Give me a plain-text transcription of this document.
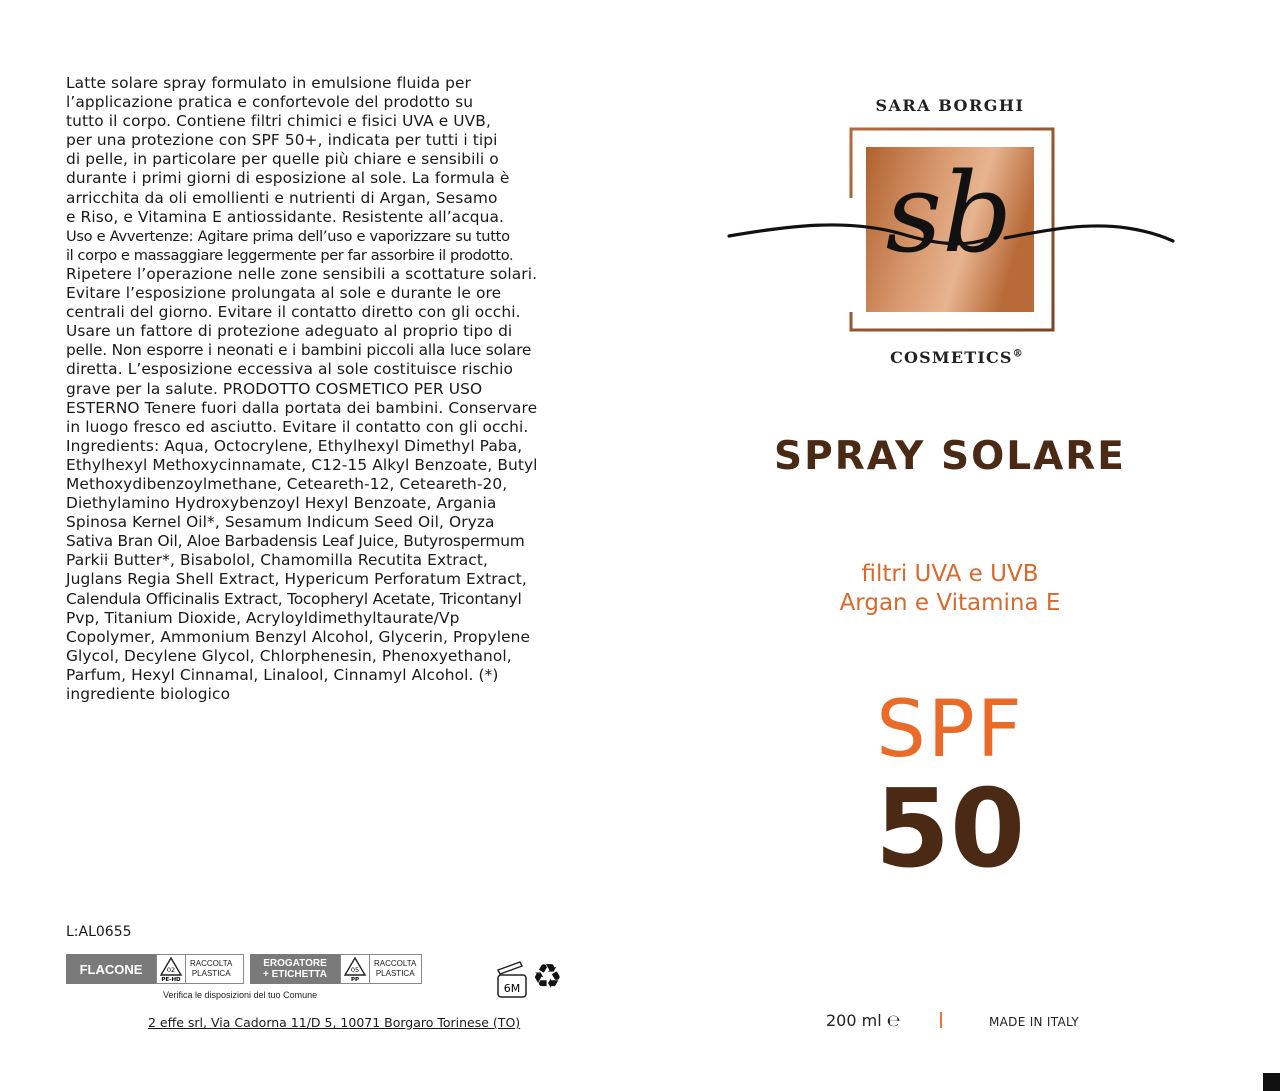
Latte solare spray formulato in emulsione fluida per
l’applicazione pratica e confortevole del prodotto su
tutto il corpo. Contiene filtri chimici e fisici UVA e UVB,
per una protezione con SPF 50+, indicata per tutti i tipi
di pelle, in particolare per quelle più chiare e sensibili o
durante i primi giorni di esposizione al sole. La formula è
arricchita da oli emollienti e nutrienti di Argan, Sesamo
e Riso, e Vitamina E antiossidante. Resistente all’acqua.
Uso e Avvertenze: Agitare prima dell’uso e vaporizzare su tutto
il corpo e massaggiare leggermente per far assorbire il prodotto.
Ripetere l’operazione nelle zone sensibili a scottature solari.
Evitare l’esposizione prolungata al sole e durante le ore
centrali del giorno. Evitare il contatto diretto con gli occhi.
Usare un fattore di protezione adeguato al proprio tipo di
pelle. Non esporre i neonati e i bambini piccoli alla luce solare
diretta. L’esposizione eccessiva al sole costituisce rischio
grave per la salute. PRODOTTO COSMETICO PER USO
ESTERNO Tenere fuori dalla portata dei bambini. Conservare
in luogo fresco ed asciutto. Evitare il contatto con gli occhi.
Ingredients: Aqua, Octocrylene, Ethylhexyl Dimethyl Paba,
Ethylhexyl Methoxycinnamate, C12-15 Alkyl Benzoate, Butyl
Methoxydibenzoylmethane, Ceteareth-12, Ceteareth-20,
Diethylamino Hydroxybenzoyl Hexyl Benzoate, Argania
Spinosa Kernel Oil*, Sesamum Indicum Seed Oil, Oryza
Sativa Bran Oil, Aloe Barbadensis Leaf Juice, Butyrospermum
Parkii Butter*, Bisabolol, Chamomilla Recutita Extract,
Juglans Regia Shell Extract, Hypericum Perforatum Extract,
Calendula Officinalis Extract, Tocopheryl Acetate, Tricontanyl
Pvp, Titanium Dioxide, Acryloyldimethyltaurate/Vp
Copolymer, Ammonium Benzyl Alcohol, Glycerin, Propylene
Glycol, Decylene Glycol, Chlorphenesin, Phenoxyethanol,
Parfum, Hexyl Cinnamal, Linalool, Cinnamyl Alcohol. (*)
ingrediente biologico
L:AL0655
FLACONE	02
PE-HD
RACCOLTA
PLASTICA
EROGATORE
+ ETICHETTA	05
PP
RACCOLTA
PLASTICA
Verifica le disposizioni del tuo Comune	6M ♻
2 effe srl, Via Cadorna 11/D 5, 10071 Borgaro Torinese (TO)
SARA BORGHI
sb
COSMETICS®
SPRAY SOLARE
filtri UVA e UVB
Argan e Vitamina E
SPF
50
200 ml ℮	MADE IN ITALY
